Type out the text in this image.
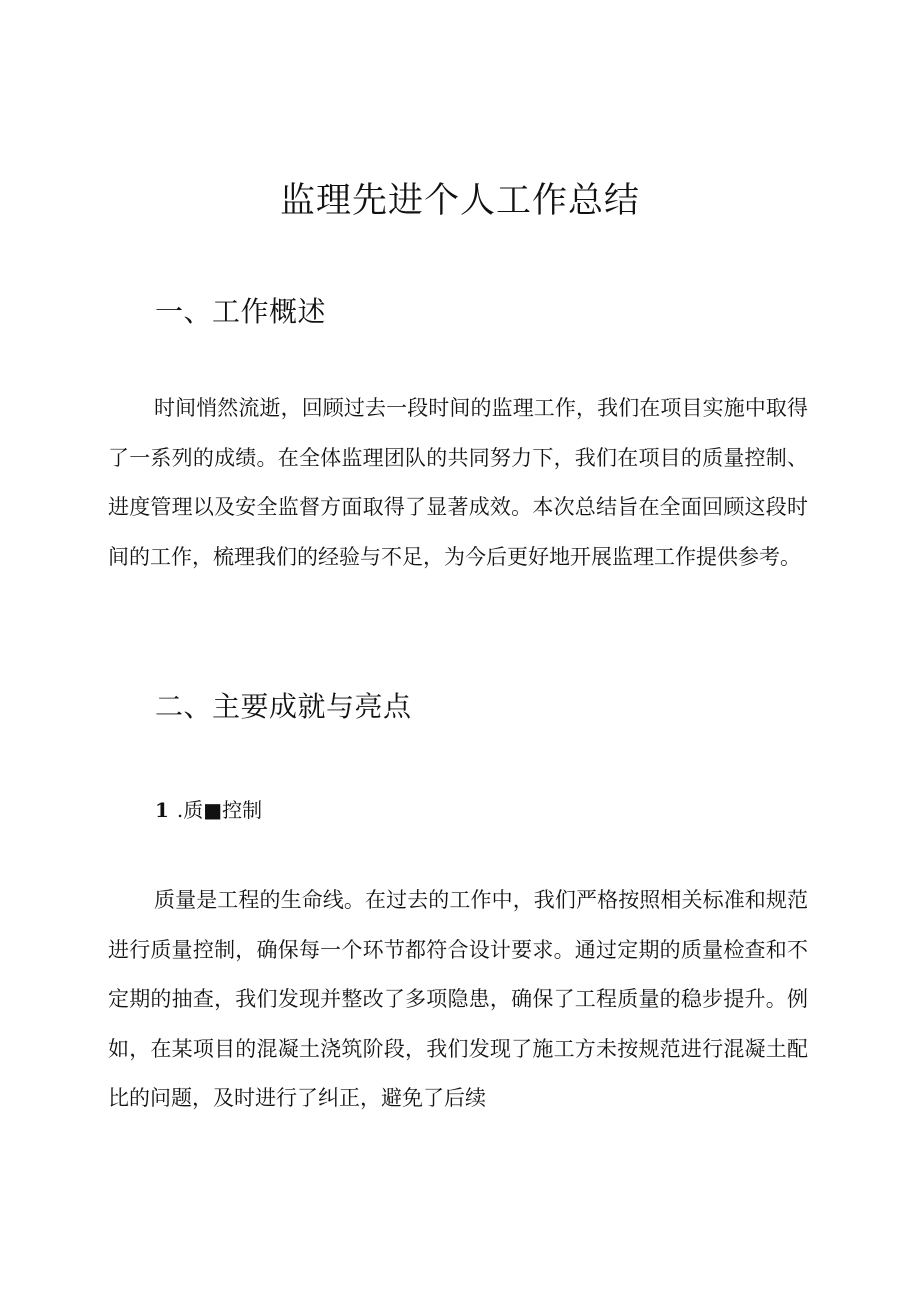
监理先进个人工作总结
一、工作概述

时间悄然流逝，回顾过去一段时间的监理工作，我们在项目实施中取得了一系列的成绩。在全体监理团队的共同努力下，我们在项目的质量控制、进度管理以及安全监督方面取得了显著成效。本次总结旨在全面回顾这段时间的工作，梳理我们的经验与不足，为今后更好地开展监理工作提供参考。

二、主要成就与亮点
1 .质■控制

质量是工程的生命线。在过去的工作中，我们严格按照相关标准和规范进行质量控制，确保每一个环节都符合设计要求。通过定期的质量检查和不定期的抽查，我们发现并整改了多项隐患，确保了工程质量的稳步提升。例如，在某项目的混凝土浇筑阶段，我们发现了施工方未按规范进行混凝土配比的问题，及时进行了纠正，避免了后续
